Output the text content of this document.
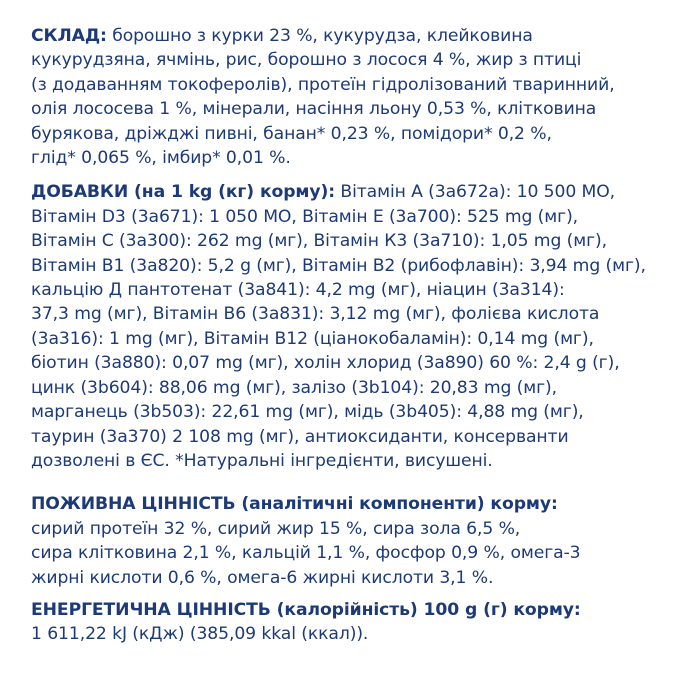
СКЛАД: борошно з курки 23 %, кукурудза, клейковина
кукурудзяна, ячмінь, рис, борошно з лосося 4 %, жир з птиці
(з додаванням токоферолів), протеїн гідролізований тваринний,
олія лососева 1 %, мінерали, насіння льону 0,53 %, клітковина
бурякова, дріжджі пивні, банан* 0,23 %, помідори* 0,2 %,
глід* 0,065 %, імбир* 0,01 %.
ДОБАВКИ (на 1 kg (кг) корму): Вітамін А (3а672а): 10 500 МО,
Вітамін D3 (3а671): 1 050 МО, Вітамін Е (3а700): 525 mg (мг),
Вітамін С (3а300): 262 mg (мг), Вітамін К3 (3а710): 1,05 mg (мг),
Вітамін В1 (3а820): 5,2 g (мг), Вітамін В2 (рибофлавін): 3,94 mg (мг),
кальцію Д пантотенат (3а841): 4,2 mg (мг), ніацин (3а314):
37,3 mg (мг), Вітамін В6 (3а831): 3,12 mg (мг), фолієва кислота
(3а316): 1 mg (мг), Вітамін В12 (ціанокобаламін): 0,14 mg (мг),
біотин (3а880): 0,07 mg (мг), холін хлорид (3а890) 60 %: 2,4 g (г),
цинк (3b604): 88,06 mg (мг), залізо (3b104): 20,83 mg (мг),
марганець (3b503): 22,61 mg (мг), мідь (3b405): 4,88 mg (мг),
таурин (3а370) 2 108 mg (мг), антиоксиданти, консерванти
дозволені в ЄС. *Натуральні інгредієнти, висушені.
ПОЖИВНА ЦІННІСТЬ (аналітичні компоненти) корму:
сирий протеїн 32 %, сирий жир 15 %, сира зола 6,5 %,
сира клітковина 2,1 %, кальцій 1,1 %, фосфор 0,9 %, омега-3
жирні кислоти 0,6 %, омега-6 жирні кислоти 3,1 %.
ЕНЕРГЕТИЧНА ЦІННІСТЬ (калорійність) 100 g (г) корму:
1 611,22 kJ (кДж) (385,09 kkal (ккал)).
